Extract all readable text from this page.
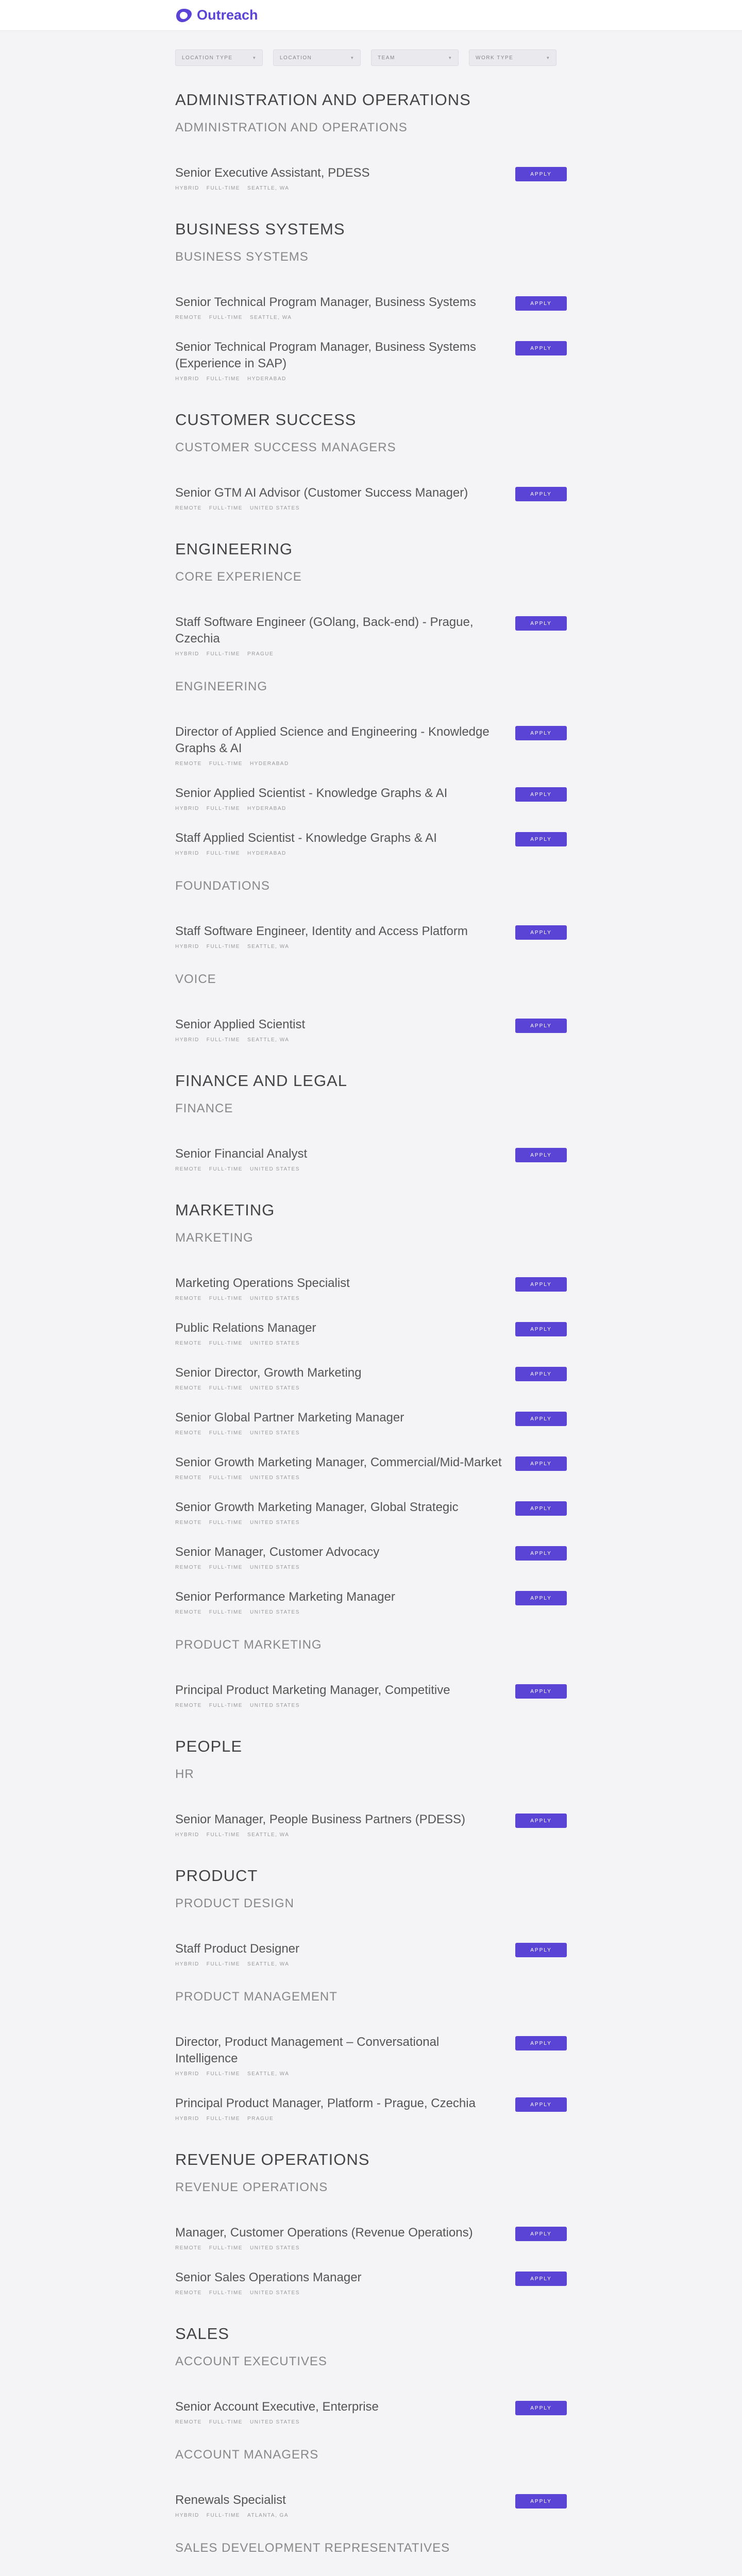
Outreach
LOCATION TYPE	▾	LOCATION	▾	TEAM	▾	WORK TYPE	▾
ADMINISTRATION AND OPERATIONS
ADMINISTRATION AND OPERATIONS
Senior Executive Assistant, PDESS
HYBRID FULL-TIME SEATTLE, WA
APPLY
BUSINESS SYSTEMS
BUSINESS SYSTEMS
Senior Technical Program Manager, Business Systems
REMOTE FULL-TIME SEATTLE, WA
APPLY
Senior Technical Program Manager, Business Systems (Experience in SAP)
HYBRID FULL-TIME HYDERABAD
APPLY
CUSTOMER SUCCESS
CUSTOMER SUCCESS MANAGERS
Senior GTM AI Advisor (Customer Success Manager)
REMOTE FULL-TIME UNITED STATES
APPLY
ENGINEERING
CORE EXPERIENCE
Staff Software Engineer (GOlang, Back-end) - Prague, Czechia
HYBRID FULL-TIME PRAGUE
APPLY
ENGINEERING
Director of Applied Science and Engineering - Knowledge Graphs & AI
REMOTE FULL-TIME HYDERABAD
APPLY
Senior Applied Scientist - Knowledge Graphs & AI
HYBRID FULL-TIME HYDERABAD
APPLY
Staff Applied Scientist - Knowledge Graphs & AI
HYBRID FULL-TIME HYDERABAD
APPLY
FOUNDATIONS
Staff Software Engineer, Identity and Access Platform
HYBRID FULL-TIME SEATTLE, WA
APPLY
VOICE
Senior Applied Scientist
HYBRID FULL-TIME SEATTLE, WA
APPLY
FINANCE AND LEGAL
FINANCE
Senior Financial Analyst
REMOTE FULL-TIME UNITED STATES
APPLY
MARKETING
MARKETING
Marketing Operations Specialist
REMOTE FULL-TIME UNITED STATES
APPLY
Public Relations Manager
REMOTE FULL-TIME UNITED STATES
APPLY
Senior Director, Growth Marketing
REMOTE FULL-TIME UNITED STATES
APPLY
Senior Global Partner Marketing Manager
REMOTE FULL-TIME UNITED STATES
APPLY
Senior Growth Marketing Manager, Commercial/Mid-Market
REMOTE FULL-TIME UNITED STATES
APPLY
Senior Growth Marketing Manager, Global Strategic
REMOTE FULL-TIME UNITED STATES
APPLY
Senior Manager, Customer Advocacy
REMOTE FULL-TIME UNITED STATES
APPLY
Senior Performance Marketing Manager
REMOTE FULL-TIME UNITED STATES
APPLY
PRODUCT MARKETING
Principal Product Marketing Manager, Competitive
REMOTE FULL-TIME UNITED STATES
APPLY
PEOPLE
HR
Senior Manager, People Business Partners (PDESS)
HYBRID FULL-TIME SEATTLE, WA
APPLY
PRODUCT
PRODUCT DESIGN
Staff Product Designer
HYBRID FULL-TIME SEATTLE, WA
APPLY
PRODUCT MANAGEMENT
Director, Product Management – Conversational Intelligence
HYBRID FULL-TIME SEATTLE, WA
APPLY
Principal Product Manager, Platform - Prague, Czechia
HYBRID FULL-TIME PRAGUE
APPLY
REVENUE OPERATIONS
REVENUE OPERATIONS
Manager, Customer Operations (Revenue Operations)
REMOTE FULL-TIME UNITED STATES
APPLY
Senior Sales Operations Manager
REMOTE FULL-TIME UNITED STATES
APPLY
SALES
ACCOUNT EXECUTIVES
Senior Account Executive, Enterprise
REMOTE FULL-TIME UNITED STATES
APPLY
ACCOUNT MANAGERS
Renewals Specialist
HYBRID FULL-TIME ATLANTA, GA
APPLY
SALES DEVELOPMENT REPRESENTATIVES
